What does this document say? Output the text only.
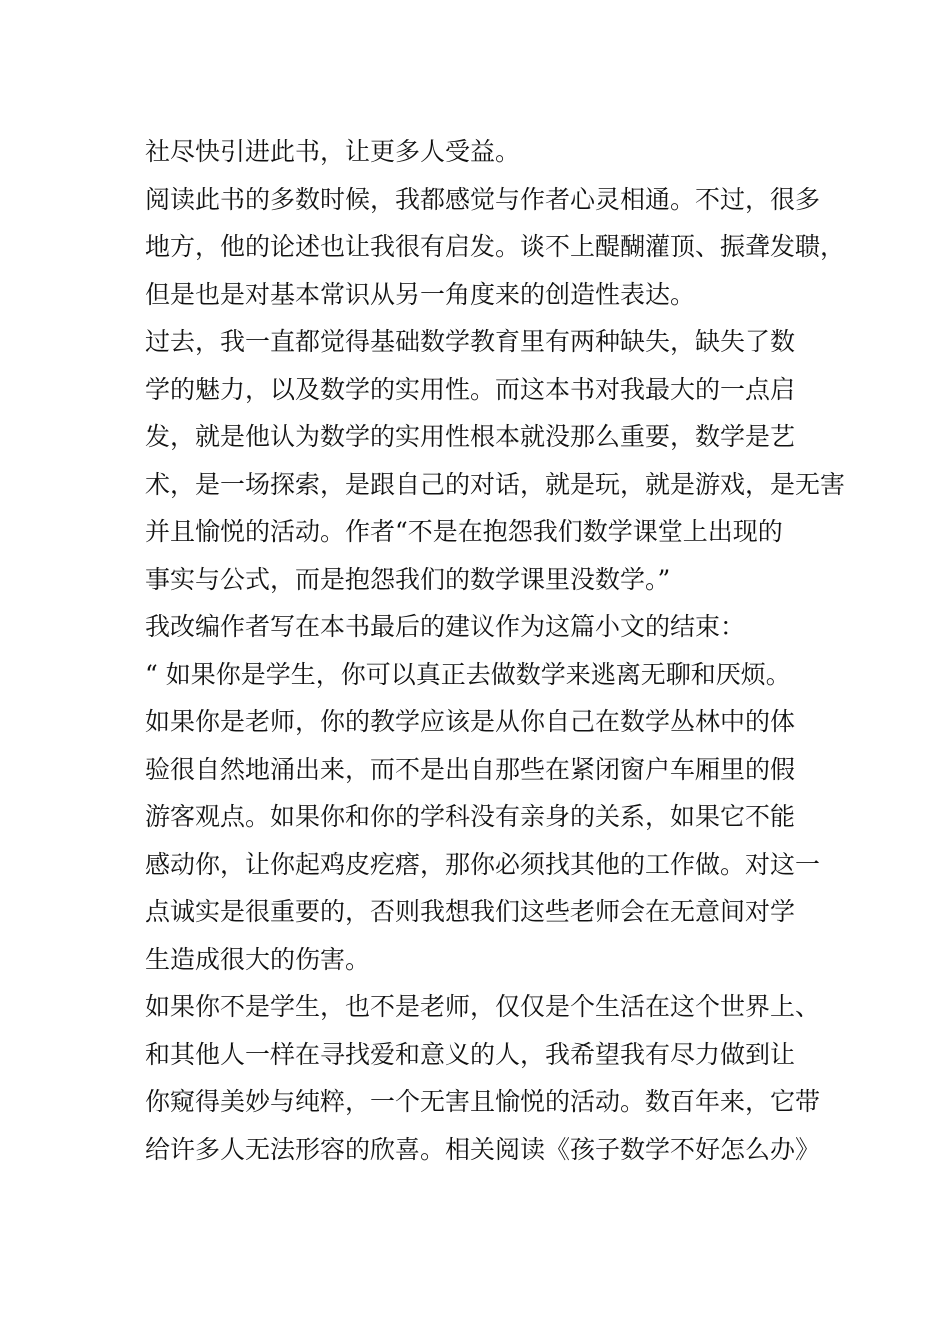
社尽快引进此书，让更多人受益。
阅读此书的多数时候，我都感觉与作者心灵相通。不过，很多
地方，他的论述也让我很有启发。谈不上醍醐灌顶、振聋发聩，
但是也是对基本常识从另一角度来的创造性表达。
过去，我一直都觉得基础数学教育里有两种缺失，缺失了数
学的魅力，以及数学的实用性。而这本书对我最大的一点启
发，就是他认为数学的实用性根本就没那么重要，数学是艺
术，是一场探索，是跟自己的对话，就是玩，就是游戏，是无害
并且愉悦的活动。作者“不是在抱怨我们数学课堂上出现的
事实与公式，而是抱怨我们的数学课里没数学。”
我改编作者写在本书最后的建议作为这篇小文的结束：
“ 如果你是学生，你可以真正去做数学来逃离无聊和厌烦。
如果你是老师，你的教学应该是从你自己在数学丛林中的体
验很自然地涌出来，而不是出自那些在紧闭窗户车厢里的假
游客观点。如果你和你的学科没有亲身的关系，如果它不能
感动你，让你起鸡皮疙瘩，那你必须找其他的工作做。对这一
点诚实是很重要的，否则我想我们这些老师会在无意间对学
生造成很大的伤害。
如果你不是学生，也不是老师，仅仅是个生活在这个世界上、
和其他人一样在寻找爱和意义的人，我希望我有尽力做到让
你窥得美妙与纯粹，一个无害且愉悦的活动。数百年来，它带
给许多人无法形容的欣喜。相关阅读《孩子数学不好怎么办》
